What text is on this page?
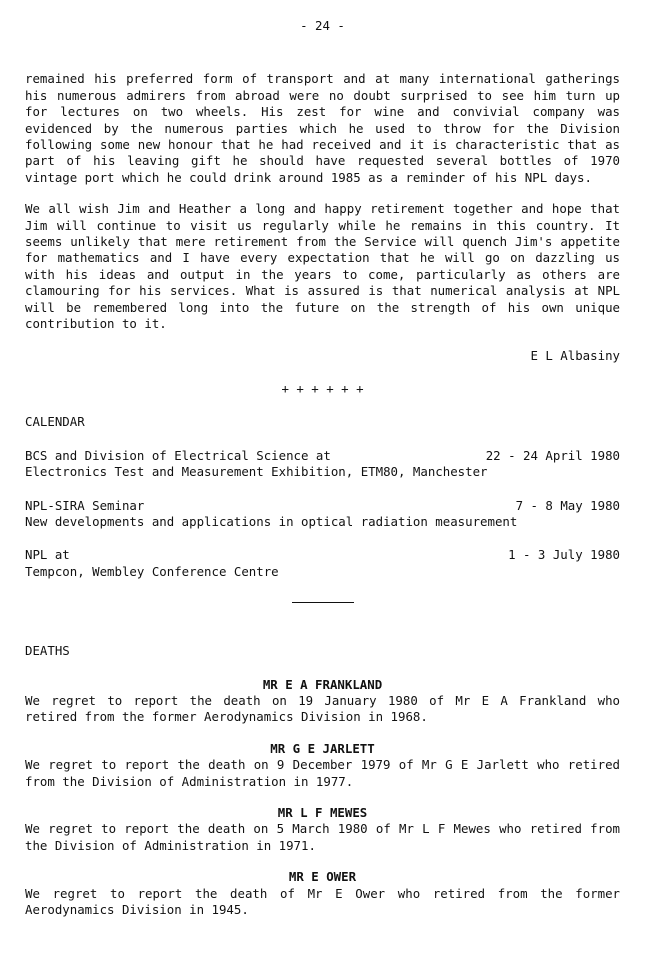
- 24 -

remained his preferred form of transport and at many international gatherings his numerous admirers from abroad were no doubt surprised to see him turn up for lectures on two wheels. His zest for wine and convivial company was evidenced by the numerous parties which he used to throw for the Division following some new honour that he had received and it is characteristic that as part of his leaving gift he should have requested several bottles of 1970 vintage port which he could drink around 1985 as a reminder of his NPL days.

We all wish Jim and Heather a long and happy retirement together and hope that Jim will continue to visit us regularly while he remains in this country. It seems unlikely that mere retirement from the Service will quench Jim's appetite for mathematics and I have every expectation that he will go on dazzling us with his ideas and output in the years to come, particularly as others are clamouring for his services. What is assured is that numerical analysis at NPL will be remembered long into the future on the strength of his own unique contribution to it.

E L Albasiny
+ + + + + +
CALENDAR
BCS and Division of Electrical Science at	22 - 24 April 1980
Electronics Test and Measurement Exhibition, ETM80, Manchester
NPL-SIRA Seminar	7 - 8 May 1980
New developments and applications in optical radiation measurement
NPL at	1 - 3 July 1980
Tempcon, Wembley Conference Centre
DEATHS
MR E A FRANKLAND

We regret to report the death on 19 January 1980 of Mr E A Frankland who retired from the former Aerodynamics Division in 1968.

MR G E JARLETT

We regret to report the death on 9 December 1979 of Mr G E Jarlett who retired from the Division of Administration in 1977.

MR L F MEWES

We regret to report the death on 5 March 1980 of Mr L F Mewes who retired from the Division of Administration in 1971.

MR E OWER

We regret to report the death of Mr E Ower who retired from the former Aerodynamics Division in 1945.
